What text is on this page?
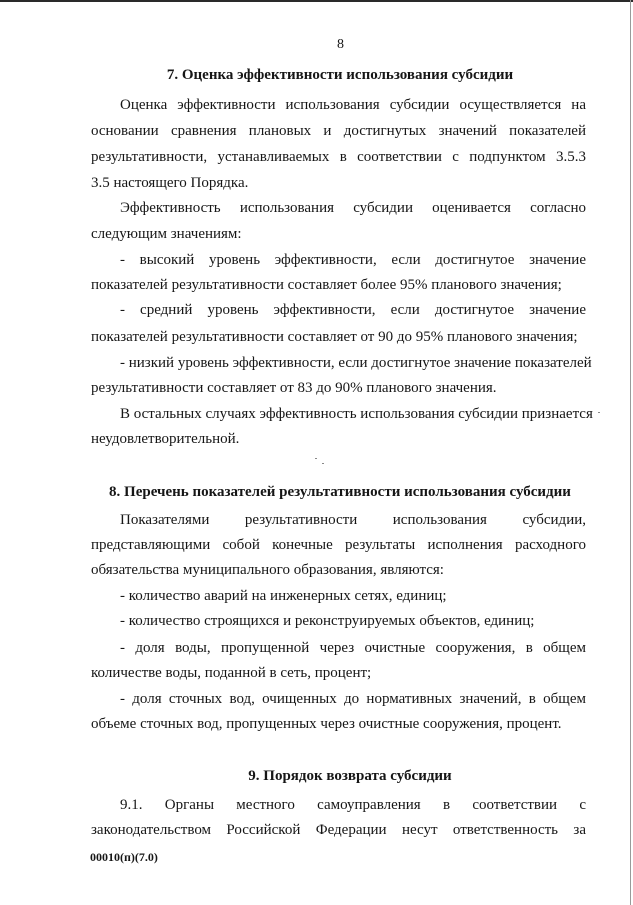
8
7. Оценка эффективности использования субсидии
Оценка эффективности использования субсидии осуществляется на
основании сравнения плановых и достигнутых значений показателей
результативности, устанавливаемых в соответствии с подпунктом 3.5.3
3.5 настоящего Порядка.
Эффективность использования субсидии оценивается согласно
следующим значениям:
- высокий уровень эффективности, если достигнутое значение
показателей результативности составляет более 95% планового значения;
- средний уровень эффективности, если достигнутое значение
показателей результативности составляет от 90 до 95% планового значения;
- низкий уровень эффективности, если достигнутое значение показателей
результативности составляет от 83 до 90% планового значения.
В остальных случаях эффективность использования субсидии признается
неудовлетворительной.
8. Перечень показателей результативности использования субсидии
Показателями результативности использования субсидии,
представляющими собой конечные результаты исполнения расходного
обязательства муниципального образования, являются:
- количество аварий на инженерных сетях, единиц;
- количество строящихся и реконструируемых объектов, единиц;
- доля воды, пропущенной через очистные сооружения, в общем
количестве воды, поданной в сеть, процент;
- доля сточных вод, очищенных до нормативных значений, в общем
объеме сточных вод, пропущенных через очистные сооружения, процент.
9. Порядок возврата субсидии
9.1. Органы местного самоуправления в соответствии с
законодательством Российской Федерации несут ответственность за
00010(п)(7.0)
